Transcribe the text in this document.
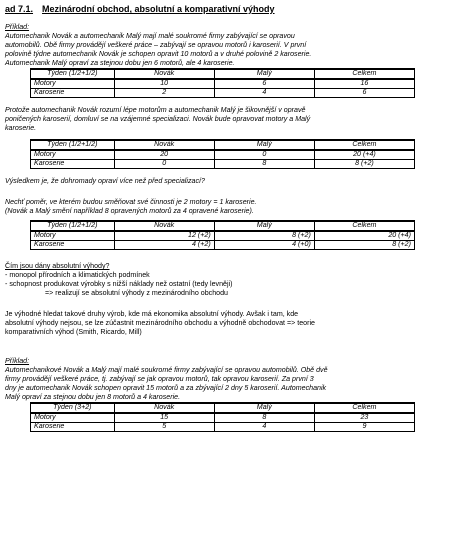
ad 7.1. Mezinárodní obchod, absolutní a komparativní výhody

Příklad:

Automechanik Novák a automechanik Malý mají malé soukromé firmy zabývající se opravou

automobilů. Obě firmy provádějí veškeré práce – zabývají se opravou motorů i karoserií. V první

polovině týdne automechanik Novák je schopen opravit 10 motorů a v druhé polovině 2 karoserie.

Automechanik Malý opraví za stejnou dobu jen 6 motorů, ale 4 karoserie.

Týden (1/2+1/2)	Novák	Malý	Celkem
Motory	10	6	16
Karoserie	2	4	6

Protože automechanik Novák rozumí lépe motorům a automechanik Malý je šikovnější v opravě

poničených karoserií, domluví se na vzájemné specializaci. Novák bude opravovat motory a Malý

karoserie.

Týden (1/2+1/2)	Novák	Malý	Celkem
Motory	20	0	20 (+4)
Karoserie	0	8	8 (+2)

Výsledkem je, že dohromady opraví více než před specializací?

Nechť poměr, ve kterém budou směňovat své činnosti je 2 motory = 1 karoserie.

(Novák a Malý smění například 8 opravených motorů za 4 opravené karoserie).

Týden (1/2+1/2)	Novák	Malý	Celkem
Motory	12 (+2)	8 (+2)	20 (+4)
Karoserie	4 (+2)	4 (+0)	8 (+2)

Čím jsou dány absolutní výhody?

- monopol přírodních a klimatických podmínek

- schopnost produkovat výrobky s nižší náklady než ostatní (tedy levněji)

=> realizují se absolutní výhody z mezinárodního obchodu

Je výhodné hledat takové druhy výrob, kde má ekonomika absolutní výhody. Avšak i tam, kde

absolutní výhody nejsou, se lze zúčastnit mezinárodního obchodu a výhodně obchodovat => teorie

komparativních výhod (Smith, Ricardo, Mill)

Příklad:

Automechanikové Novák a Malý mají malé soukromé firmy zabývající se opravou automobilů. Obě dvě

firmy provádějí veškeré práce, tj. zabývají se jak opravou motorů, tak opravou karoserií. Za první 3

dny je automechanik Novák schopen opravit 15 motorů a za zbývající 2 dny 5 karoserií. Automechanik

Malý opraví za stejnou dobu jen 8 motorů a 4 karoserie.

Týden (3+2)	Novák	Malý	Celkem
Motory	15	8	23
Karoserie	5	4	9
